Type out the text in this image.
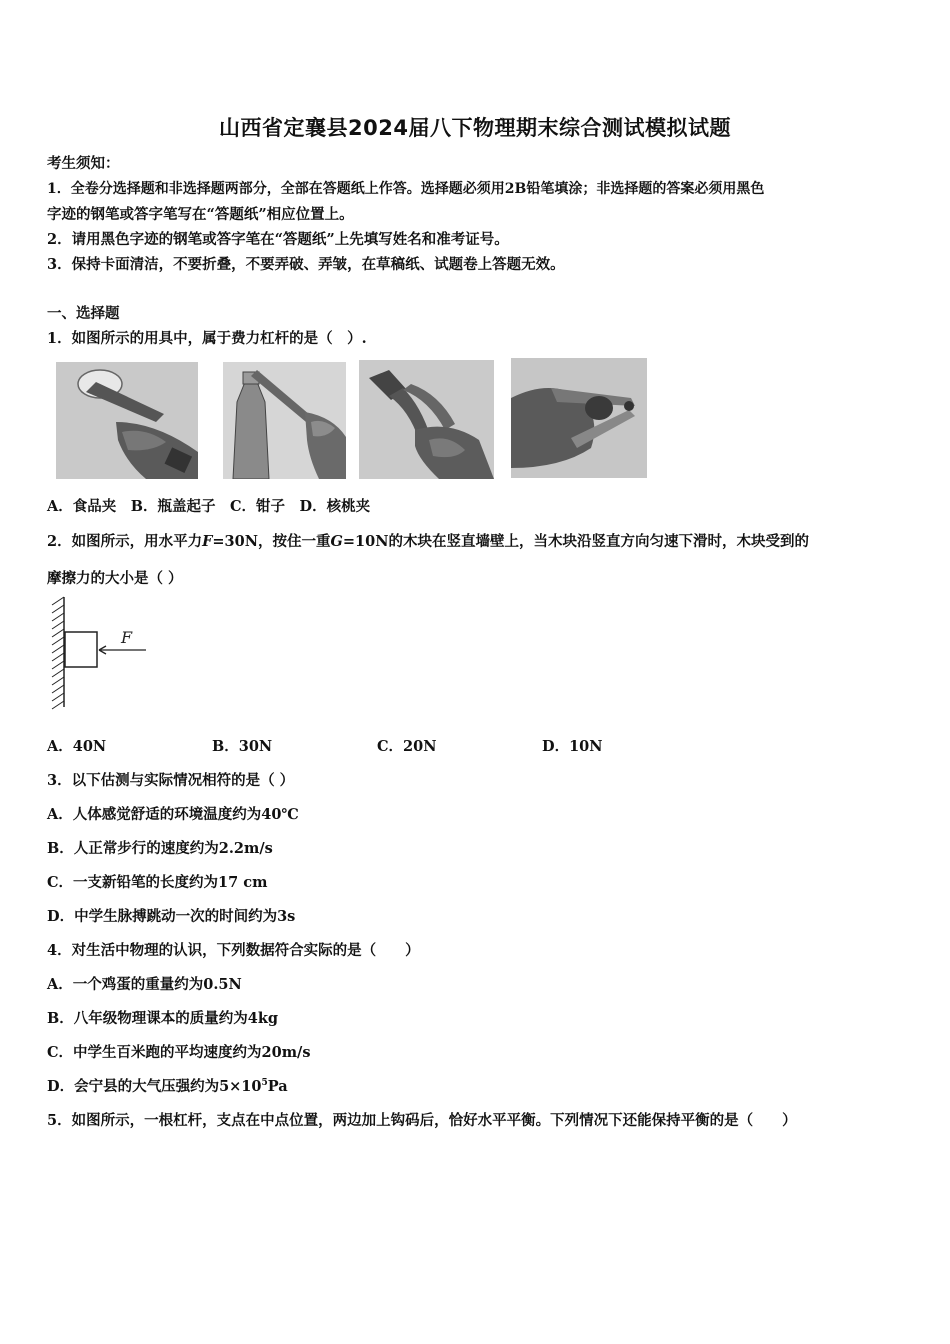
山西省定襄县2024届八下物理期末综合测试模拟试题
考生须知：
1．全卷分选择题和非选择题两部分，全部在答题纸上作答。选择题必须用2B铅笔填涂；非选择题的答案必须用黑色
字迹的钢笔或答字笔写在“答题纸”相应位置上。
2．请用黑色字迹的钢笔或答字笔在“答题纸”上先填写姓名和准考证号。
3．保持卡面清洁，不要折叠，不要弄破、弄皱，在草稿纸、试题卷上答题无效。
一、选择题
1．如图所示的用具中，属于费力杠杆的是（　）.
A．食品夹　B．瓶盖起子　C．钳子　D．核桃夹
2．如图所示，用水平力F=30N，按住一重G=10N的木块在竖直墙壁上，当木块沿竖直方向匀速下滑时，木块受到的
摩擦力的大小是（ ）
F
A．40N	B．30N	C．20N	D．10N
3．以下估测与实际情况相符的是（ ）
A．人体感觉舒适的环境温度约为40℃
B．人正常步行的速度约为2.2m/s
C．一支新铅笔的长度约为17 cm
D．中学生脉搏跳动一次的时间约为3s
4．对生活中物理的认识，下列数据符合实际的是（　　）
A．一个鸡蛋的重量约为0.5N
B．八年级物理课本的质量约为4kg
C．中学生百米跑的平均速度约为20m/s
D．会宁县的大气压强约为$5\times 10^5Pa$
5．如图所示，一根杠杆，支点在中点位置，两边加上钩码后，恰好水平平衡。下列情况下还能保持平衡的是（　　）
